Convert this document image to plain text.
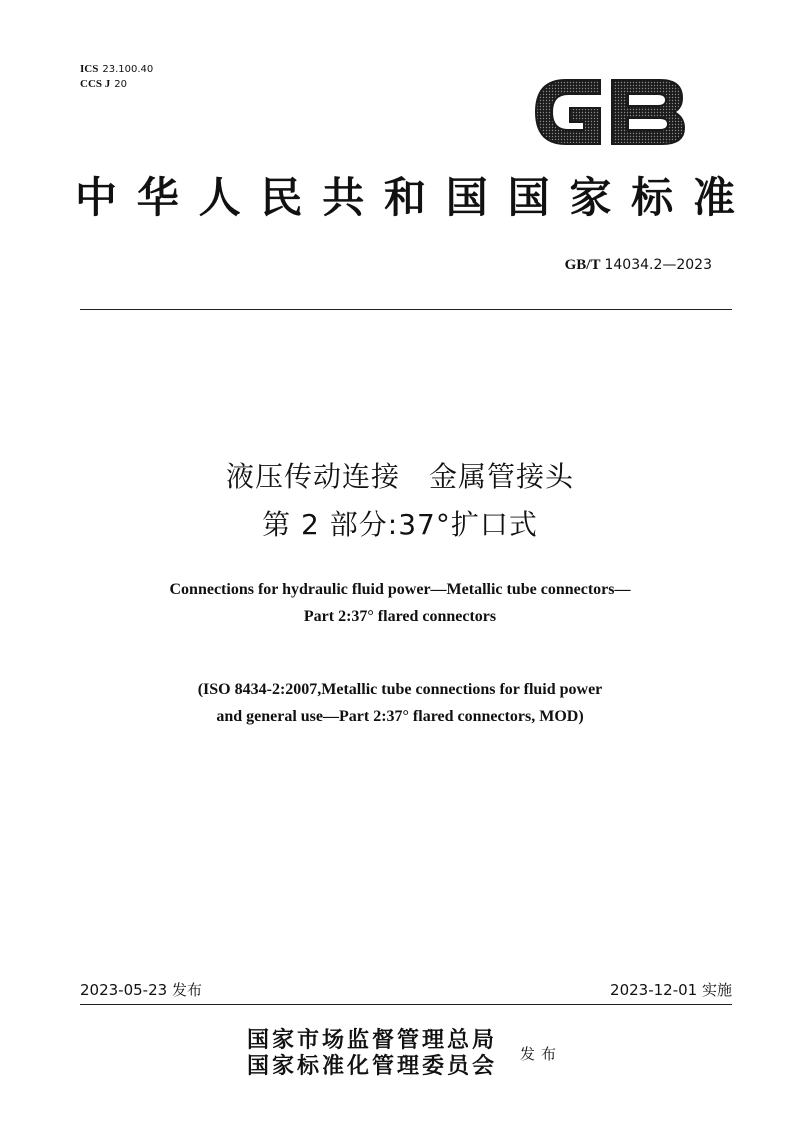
ICS 23.100.40
CCS J 20
中 华 人 民 共 和 国 国 家 标 准
GB/T 14034.2—2023
液压传动连接　金属管接头
第 2 部分:37°扩口式
Connections for hydraulic fluid power—Metallic tube connectors—
Part 2:37° flared connectors
(ISO 8434-2:2007,Metallic tube connections for fluid power
and general use—Part 2:37° flared connectors, MOD)
2023-05-23 发布	2023-12-01 实施
国家市场监督管理总局
国家标准化管理委员会 发布
